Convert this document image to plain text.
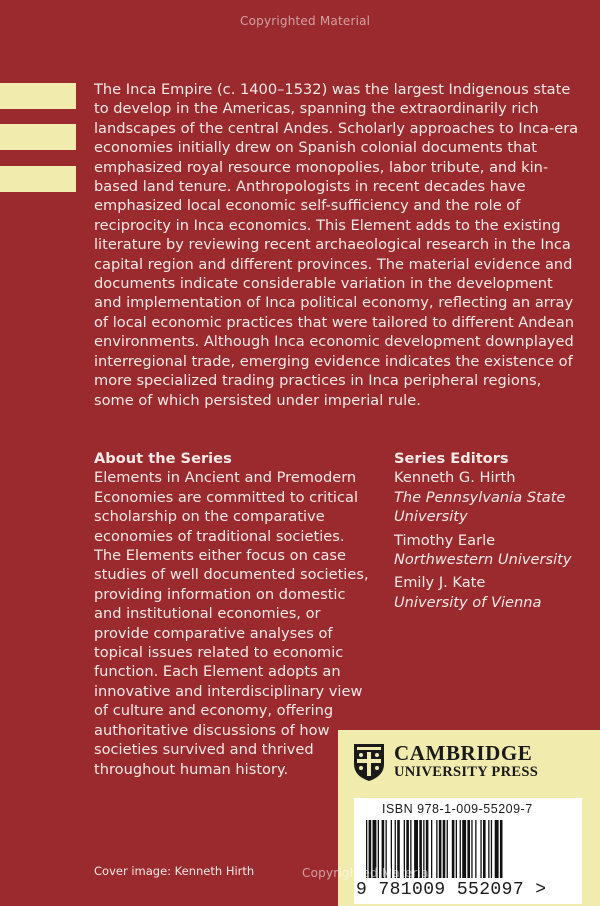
Copyrighted Material

The Inca Empire (c. 1400–1532) was the largest Indigenous state to develop in the Americas, spanning the extraordinarily rich landscapes of the central Andes. Scholarly approaches to Inca-era economies initially drew on Spanish colonial documents that emphasized royal resource monopolies, labor tribute, and kin-based land tenure. Anthropologists in recent decades have emphasized local economic self-sufficiency and the role of reciprocity in Inca economics. This Element adds to the existing literature by reviewing recent archaeological research in the Inca capital region and different provinces. The material evidence and documents indicate considerable variation in the development and implementation of Inca political economy, reflecting an array of local economic practices that were tailored to different Andean environments. Although Inca economic development downplayed interregional trade, emerging evidence indicates the existence of more specialized trading practices in Inca peripheral regions, some of which persisted under imperial rule.

About the Series

Elements in Ancient and Premodern Economies are committed to critical scholarship on the comparative economies of traditional societies. The Elements either focus on case studies of well documented societies, providing information on domestic and institutional economies, or provide comparative analyses of topical issues related to economic function. Each Element adopts an innovative and interdisciplinary view of culture and economy, offering authoritative discussions of how societies survived and thrived throughout human history.

Series Editors
Kenneth G. Hirth
The Pennsylvania State University
Timothy Earle
Northwestern University
Emily J. Kate
University of Vienna
CAMBRIDGE
UNIVERSITY PRESS
ISBN 978-1-009-55209-7
9 781009 552097 >
Cover image: Kenneth Hirth	Copyrighted Material
